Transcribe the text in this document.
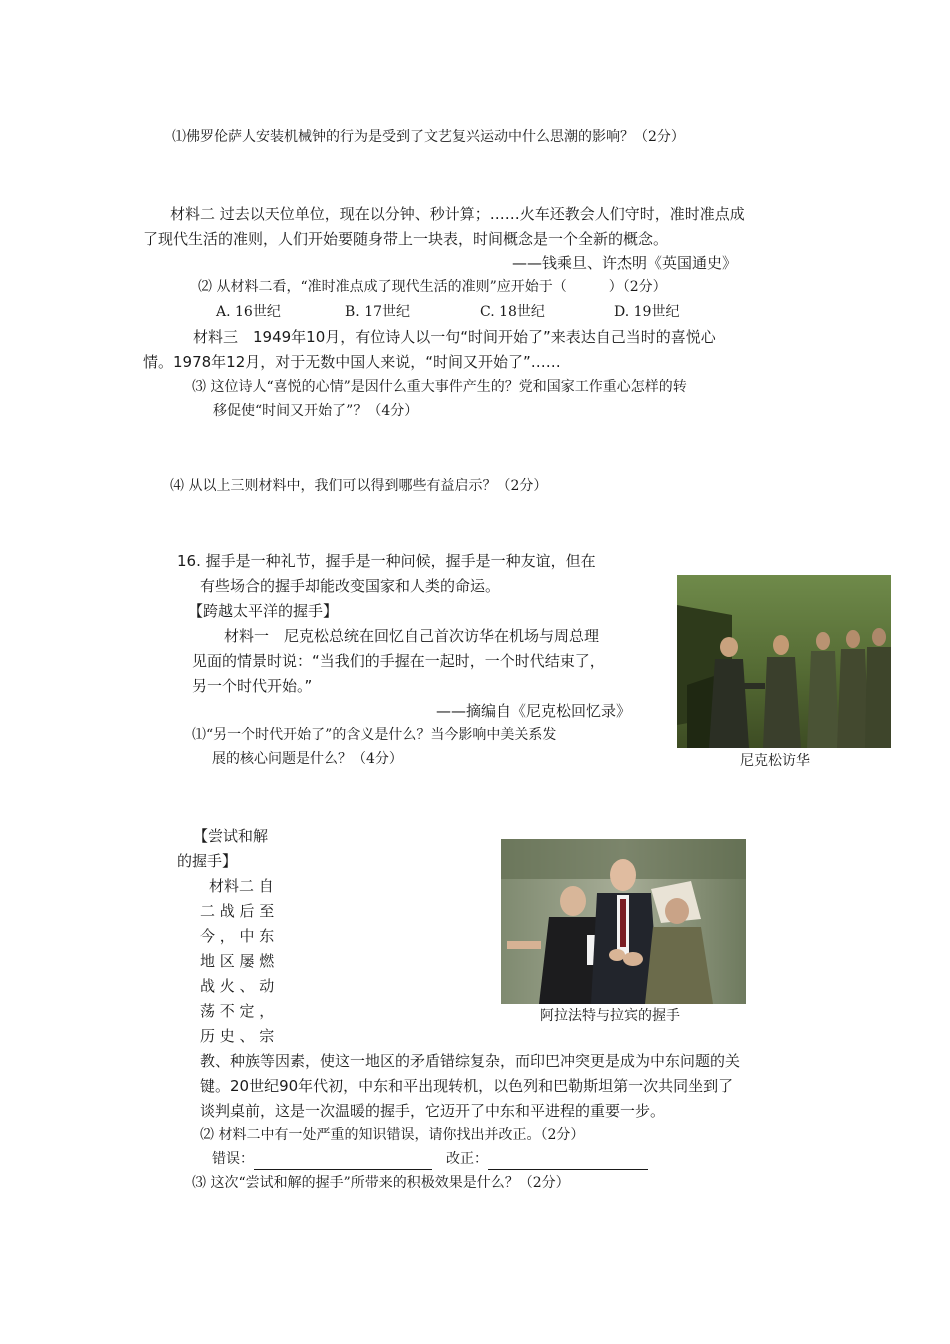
⑴佛罗伦萨人安装机械钟的行为是受到了文艺复兴运动中什么思潮的影响？（2分）
材料二 过去以天位单位，现在以分钟、秒计算；……火车还教会人们守时，准时准点成
了现代生活的准则，人们开始要随身带上一块表，时间概念是一个全新的概念。
——钱乘旦、许杰明《英国通史》
⑵ 从材料二看，“准时准点成了现代生活的准则”应开始于（　　　）（2分）
A. 16世纪	B. 17世纪	C. 18世纪	D. 19世纪
材料三　1949年10月，有位诗人以一句“时间开始了”来表达自己当时的喜悦心
情。1978年12月，对于无数中国人来说，“时间又开始了”……
⑶ 这位诗人“喜悦的心情”是因什么重大事件产生的？党和国家工作重心怎样的转
移促使“时间又开始了”？（4分）
⑷ 从以上三则材料中，我们可以得到哪些有益启示？（2分）
16. 握手是一种礼节，握手是一种问候，握手是一种友谊，但在
有些场合的握手却能改变国家和人类的命运。
【跨越太平洋的握手】
材料一　尼克松总统在回忆自己首次访华在机场与周总理
见面的情景时说：“当我们的手握在一起时，一个时代结束了，
另一个时代开始。”
——摘编自《尼克松回忆录》
⑴“另一个时代开始了”的含义是什么？当今影响中美关系发
展的核心问题是什么？（4分）	尼克松访华
【尝试和解
的握手】
材料二 自
二 战 后 至
今 ， 中 东
地 区 屡 燃
战 火 、 动
荡 不 定 ，
历 史 、 宗
阿拉法特与拉宾的握手
教、种族等因素，使这一地区的矛盾错综复杂，而印巴冲突更是成为中东问题的关
键。20世纪90年代初，中东和平出现转机，以色列和巴勒斯坦第一次共同坐到了
谈判桌前，这是一次温暖的握手，它迈开了中东和平进程的重要一步。
⑵ 材料二中有一处严重的知识错误，请你找出并改正。（2分）
错误：	改正：
⑶ 这次“尝试和解的握手”所带来的积极效果是什么？（2分）
